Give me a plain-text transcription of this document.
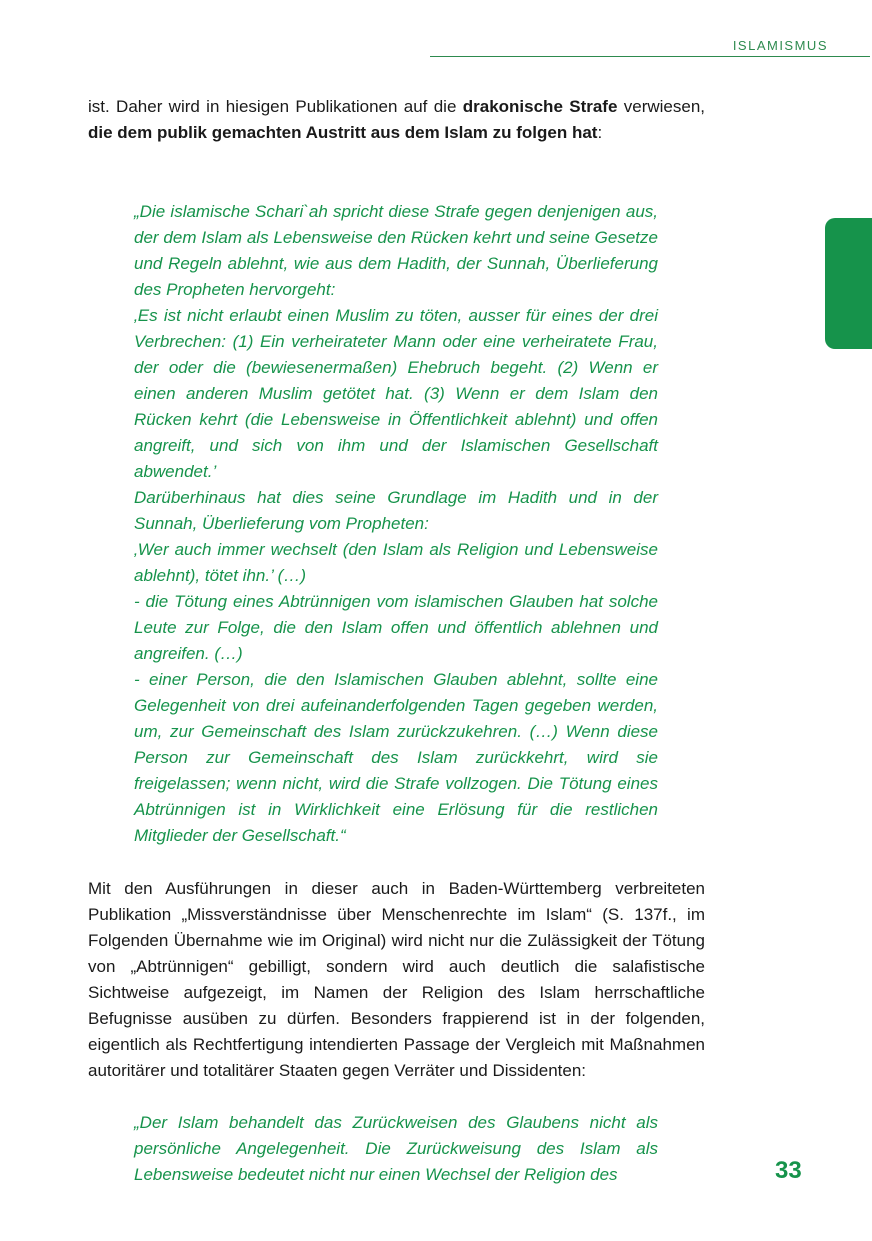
ISLAMISMUS

ist. Daher wird in hiesigen Publikationen auf die drakonische Strafe verwiesen, die dem publik gemachten Austritt aus dem Islam zu folgen hat:

„Die islamische Schari`ah spricht diese Strafe gegen denjenigen aus, der dem Islam als Lebensweise den Rücken kehrt und seine Gesetze und Regeln ablehnt, wie aus dem Hadith, der Sunnah, Überlieferung des Propheten hervorgeht:

‚Es ist nicht erlaubt einen Muslim zu töten, ausser für eines der drei Verbrechen: (1) Ein verheirateter Mann oder eine verheiratete Frau, der oder die (bewiesenermaßen) Ehebruch begeht. (2) Wenn er einen anderen Muslim getötet hat. (3) Wenn er dem Islam den Rücken kehrt (die Lebensweise in Öffentlichkeit ablehnt) und offen angreift, und sich von ihm und der Islamischen Gesellschaft abwendet.’

Darüberhinaus hat dies seine Grundlage im Hadith und in der Sunnah, Überlieferung vom Propheten:

‚Wer auch immer wechselt (den Islam als Religion und Lebensweise ablehnt), tötet ihn.’ (…)

- die Tötung eines Abtrünnigen vom islamischen Glauben hat solche Leute zur Folge, die den Islam offen und öffentlich ablehnen und angreifen. (…)

- einer Person, die den Islamischen Glauben ablehnt, sollte eine Gelegenheit von drei aufeinanderfolgenden Tagen gegeben werden, um, zur Gemeinschaft des Islam zurückzukehren. (…) Wenn diese Person zur Gemeinschaft des Islam zurückkehrt, wird sie freigelassen; wenn nicht, wird die Strafe vollzogen. Die Tötung eines Abtrünnigen ist in Wirklichkeit eine Erlösung für die restlichen Mitglieder der Gesellschaft.“

Mit den Ausführungen in dieser auch in Baden-Württemberg verbreiteten Publikation „Missverständnisse über Menschenrechte im Islam“ (S. 137f., im Folgenden Übernahme wie im Original) wird nicht nur die Zulässigkeit der Tötung von „Abtrünnigen“ gebilligt, sondern wird auch deutlich die salafistische Sichtweise aufgezeigt, im Namen der Religion des Islam herrschaftliche Befugnisse ausüben zu dürfen. Besonders frappierend ist in der folgenden, eigentlich als Rechtfertigung intendierten Passage der Vergleich mit Maßnahmen autoritärer und totalitärer Staaten gegen Verräter und Dissidenten:

„Der Islam behandelt das Zurückweisen des Glaubens nicht als persönliche Angelegenheit. Die Zurückweisung des Islam als Lebensweise bedeutet nicht nur einen Wechsel der Religion des	33
